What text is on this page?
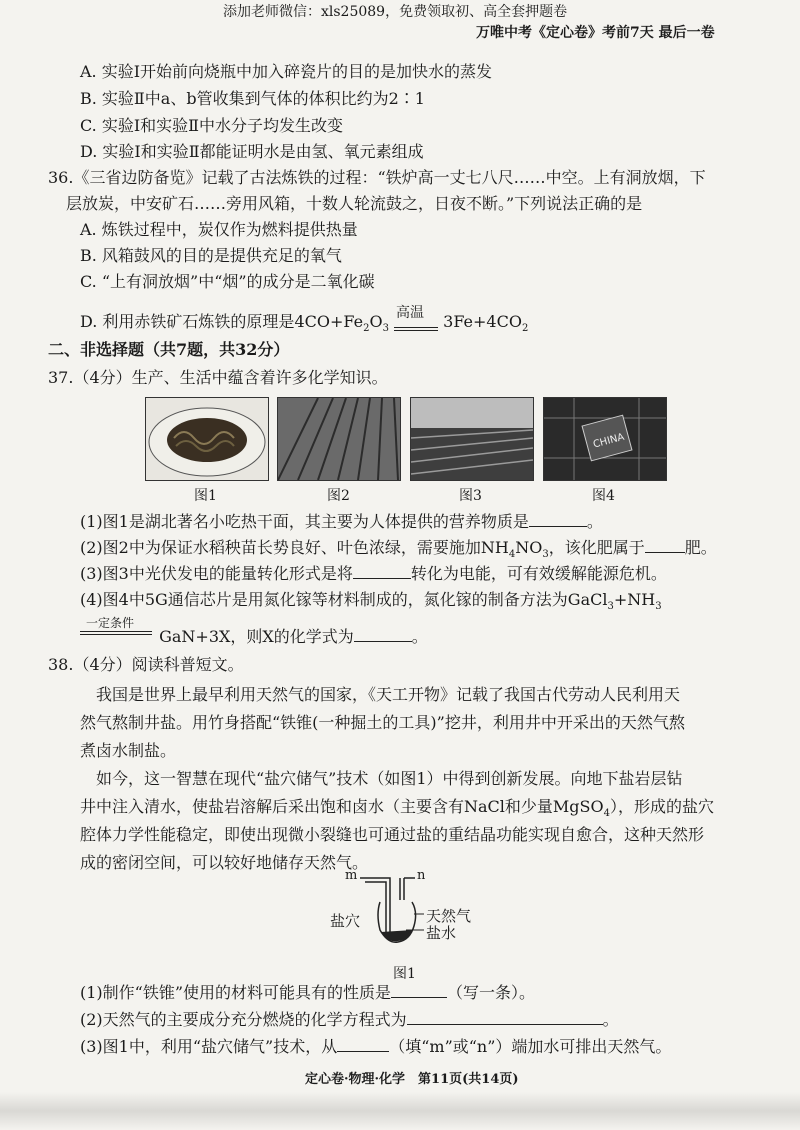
添加老师微信：xls25089，免费领取初、高全套押题卷
万唯中考《定心卷》考前7天 最后一卷
A. 实验Ⅰ开始前向烧瓶中加入碎瓷片的目的是加快水的蒸发
B. 实验Ⅱ中a、b管收集到气体的体积比约为2∶1
C. 实验Ⅰ和实验Ⅱ中水分子均发生改变
D. 实验Ⅰ和实验Ⅱ都能证明水是由氢、氧元素组成
36.《三省边防备览》记载了古法炼铁的过程：“铁炉高一丈七八尺……中空。上有洞放烟，下
层放炭，中安矿石……旁用风箱，十数人轮流鼓之，日夜不断。”下列说法正确的是
A. 炼铁过程中，炭仅作为燃料提供热量
B. 风箱鼓风的目的是提供充足的氧气
C. “上有洞放烟”中“烟”的成分是二氧化碳
D. 利用赤铁矿石炼铁的原理是$4CO+Fe_2O_3$
高温 $3Fe+4CO_2$
二、非选择题（共7题，共32分）
37.（4分）生产、生活中蕴含着许多化学知识。
CHINA
图1	图2	图3	图4
(1)图1是湖北著名小吃热干面，其主要为人体提供的营养物质是	。
(2)图2中为保证水稻秧苗长势良好、叶色浓绿，需要施加$NH_4NO_3$，该化肥属于	肥。
(3)图3中光伏发电的能量转化形式是将	转化为电能，可有效缓解能源危机。
(4)图4中5G通信芯片是用氮化镓等材料制成的，氮化镓的制备方法为$GaCl_3+NH_3$
一定条件
GaN+3X，则X的化学式为	。
38.（4分）阅读科普短文。
我国是世界上最早利用天然气的国家，《天工开物》记载了我国古代劳动人民利用天
然气熬制井盐。用竹身搭配“铁锥(一种掘土的工具)”挖井，利用井中开采出的天然气熬
煮卤水制盐。
如今，这一智慧在现代“盐穴储气”技术（如图1）中得到创新发展。向地下盐岩层钻
井中注入清水，使盐岩溶解后采出饱和卤水（主要含有NaCl和少量MgSO$_4$），形成的盐穴
腔体力学性能稳定，即使出现微小裂缝也可通过盐的重结晶功能实现自愈合，这种天然形
成的密闭空间，可以较好地储存天然气。
m	n
盐穴	天然气
盐水
图1
(1)制作“铁锥”使用的材料可能具有的性质是	（写一条）。
(2)天然气的主要成分充分燃烧的化学方程式为	。
(3)图1中，利用“盐穴储气”技术，从	（填“m”或“n”）端加水可排出天然气。
定心卷·物理·化学　第11页(共14页)
